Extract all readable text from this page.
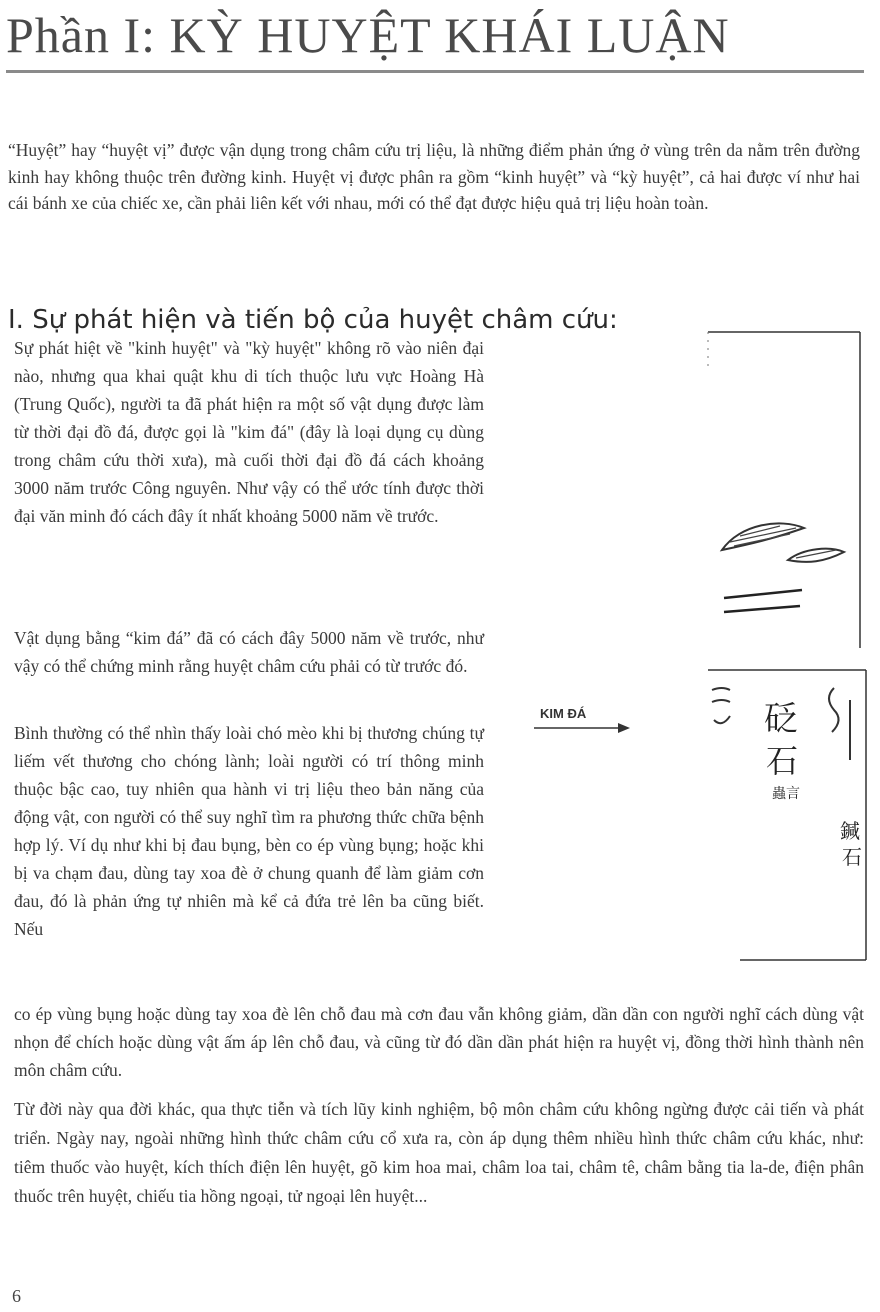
Phần I: KỲ HUYỆT KHÁI LUẬN

“Huyệt” hay “huyệt vị” được vận dụng trong châm cứu trị liệu, là những điểm phản ứng ở vùng trên da nằm trên đường kinh hay không thuộc trên đường kinh. Huyệt vị được phân ra gồm “kinh huyệt” và “kỳ huyệt”, cả hai được ví như hai cái bánh xe của chiếc xe, cần phải liên kết với nhau, mới có thể đạt được hiệu quả trị liệu hoàn toàn.

I. Sự phát hiện và tiến bộ của huyệt châm cứu:

Sự phát hiệt về "kinh huyệt" và "kỳ huyệt" không rõ vào niên đại nào, nhưng qua khai quật khu di tích thuộc lưu vực Hoàng Hà (Trung Quốc), người ta đã phát hiện ra một số vật dụng được làm từ thời đại đồ đá, được gọi là "kim đá" (đây là loại dụng cụ dùng trong châm cứu thời xưa), mà cuối thời đại đồ đá cách khoảng 3000 năm trước Công nguyên. Như vậy có thể ước tính được thời đại văn minh đó cách đây ít nhất khoảng 5000 năm về trước.

Vật dụng bằng “kim đá” đã có cách đây 5000 năm về trước, như vậy có thể chứng minh rằng huyệt châm cứu phải có từ trước đó.

Bình thường có thể nhìn thấy loài chó mèo khi bị thương chúng tự liếm vết thương cho chóng lành; loài người có trí thông minh thuộc bậc cao, tuy nhiên qua hành vi trị liệu theo bản năng của động vật, con người có thể suy nghĩ tìm ra phương thức chữa bệnh hợp lý. Ví dụ như khi bị đau bụng, bèn co ép vùng bụng; hoặc khi bị va chạm đau, dùng tay xoa đè ở chung quanh để làm giảm cơn đau, đó là phản ứng tự nhiên mà kể cả đứa trẻ lên ba cũng biết. Nếu

co ép vùng bụng hoặc dùng tay xoa đè lên chỗ đau mà cơn đau vẫn không giảm, dần dần con người nghĩ cách dùng vật nhọn để chích hoặc dùng vật ấm áp lên chỗ đau, và cũng từ đó dần dần phát hiện ra huyệt vị, đồng thời hình thành nên môn châm cứu.

Từ đời này qua đời khác, qua thực tiễn và tích lũy kinh nghiệm, bộ môn châm cứu không ngừng được cải tiến và phát triển. Ngày nay, ngoài những hình thức châm cứu cổ xưa ra, còn áp dụng thêm nhiều hình thức châm cứu khác, như: tiêm thuốc vào huyệt, kích thích điện lên huyệt, gõ kim hoa mai, châm loa tai, châm tê, châm bằng tia la-de, điện phân thuốc trên huyệt, chiếu tia hồng ngoại, tử ngoại lên huyệt...

KIM ĐÁ	砭
石
蟲言
鍼
石
6
